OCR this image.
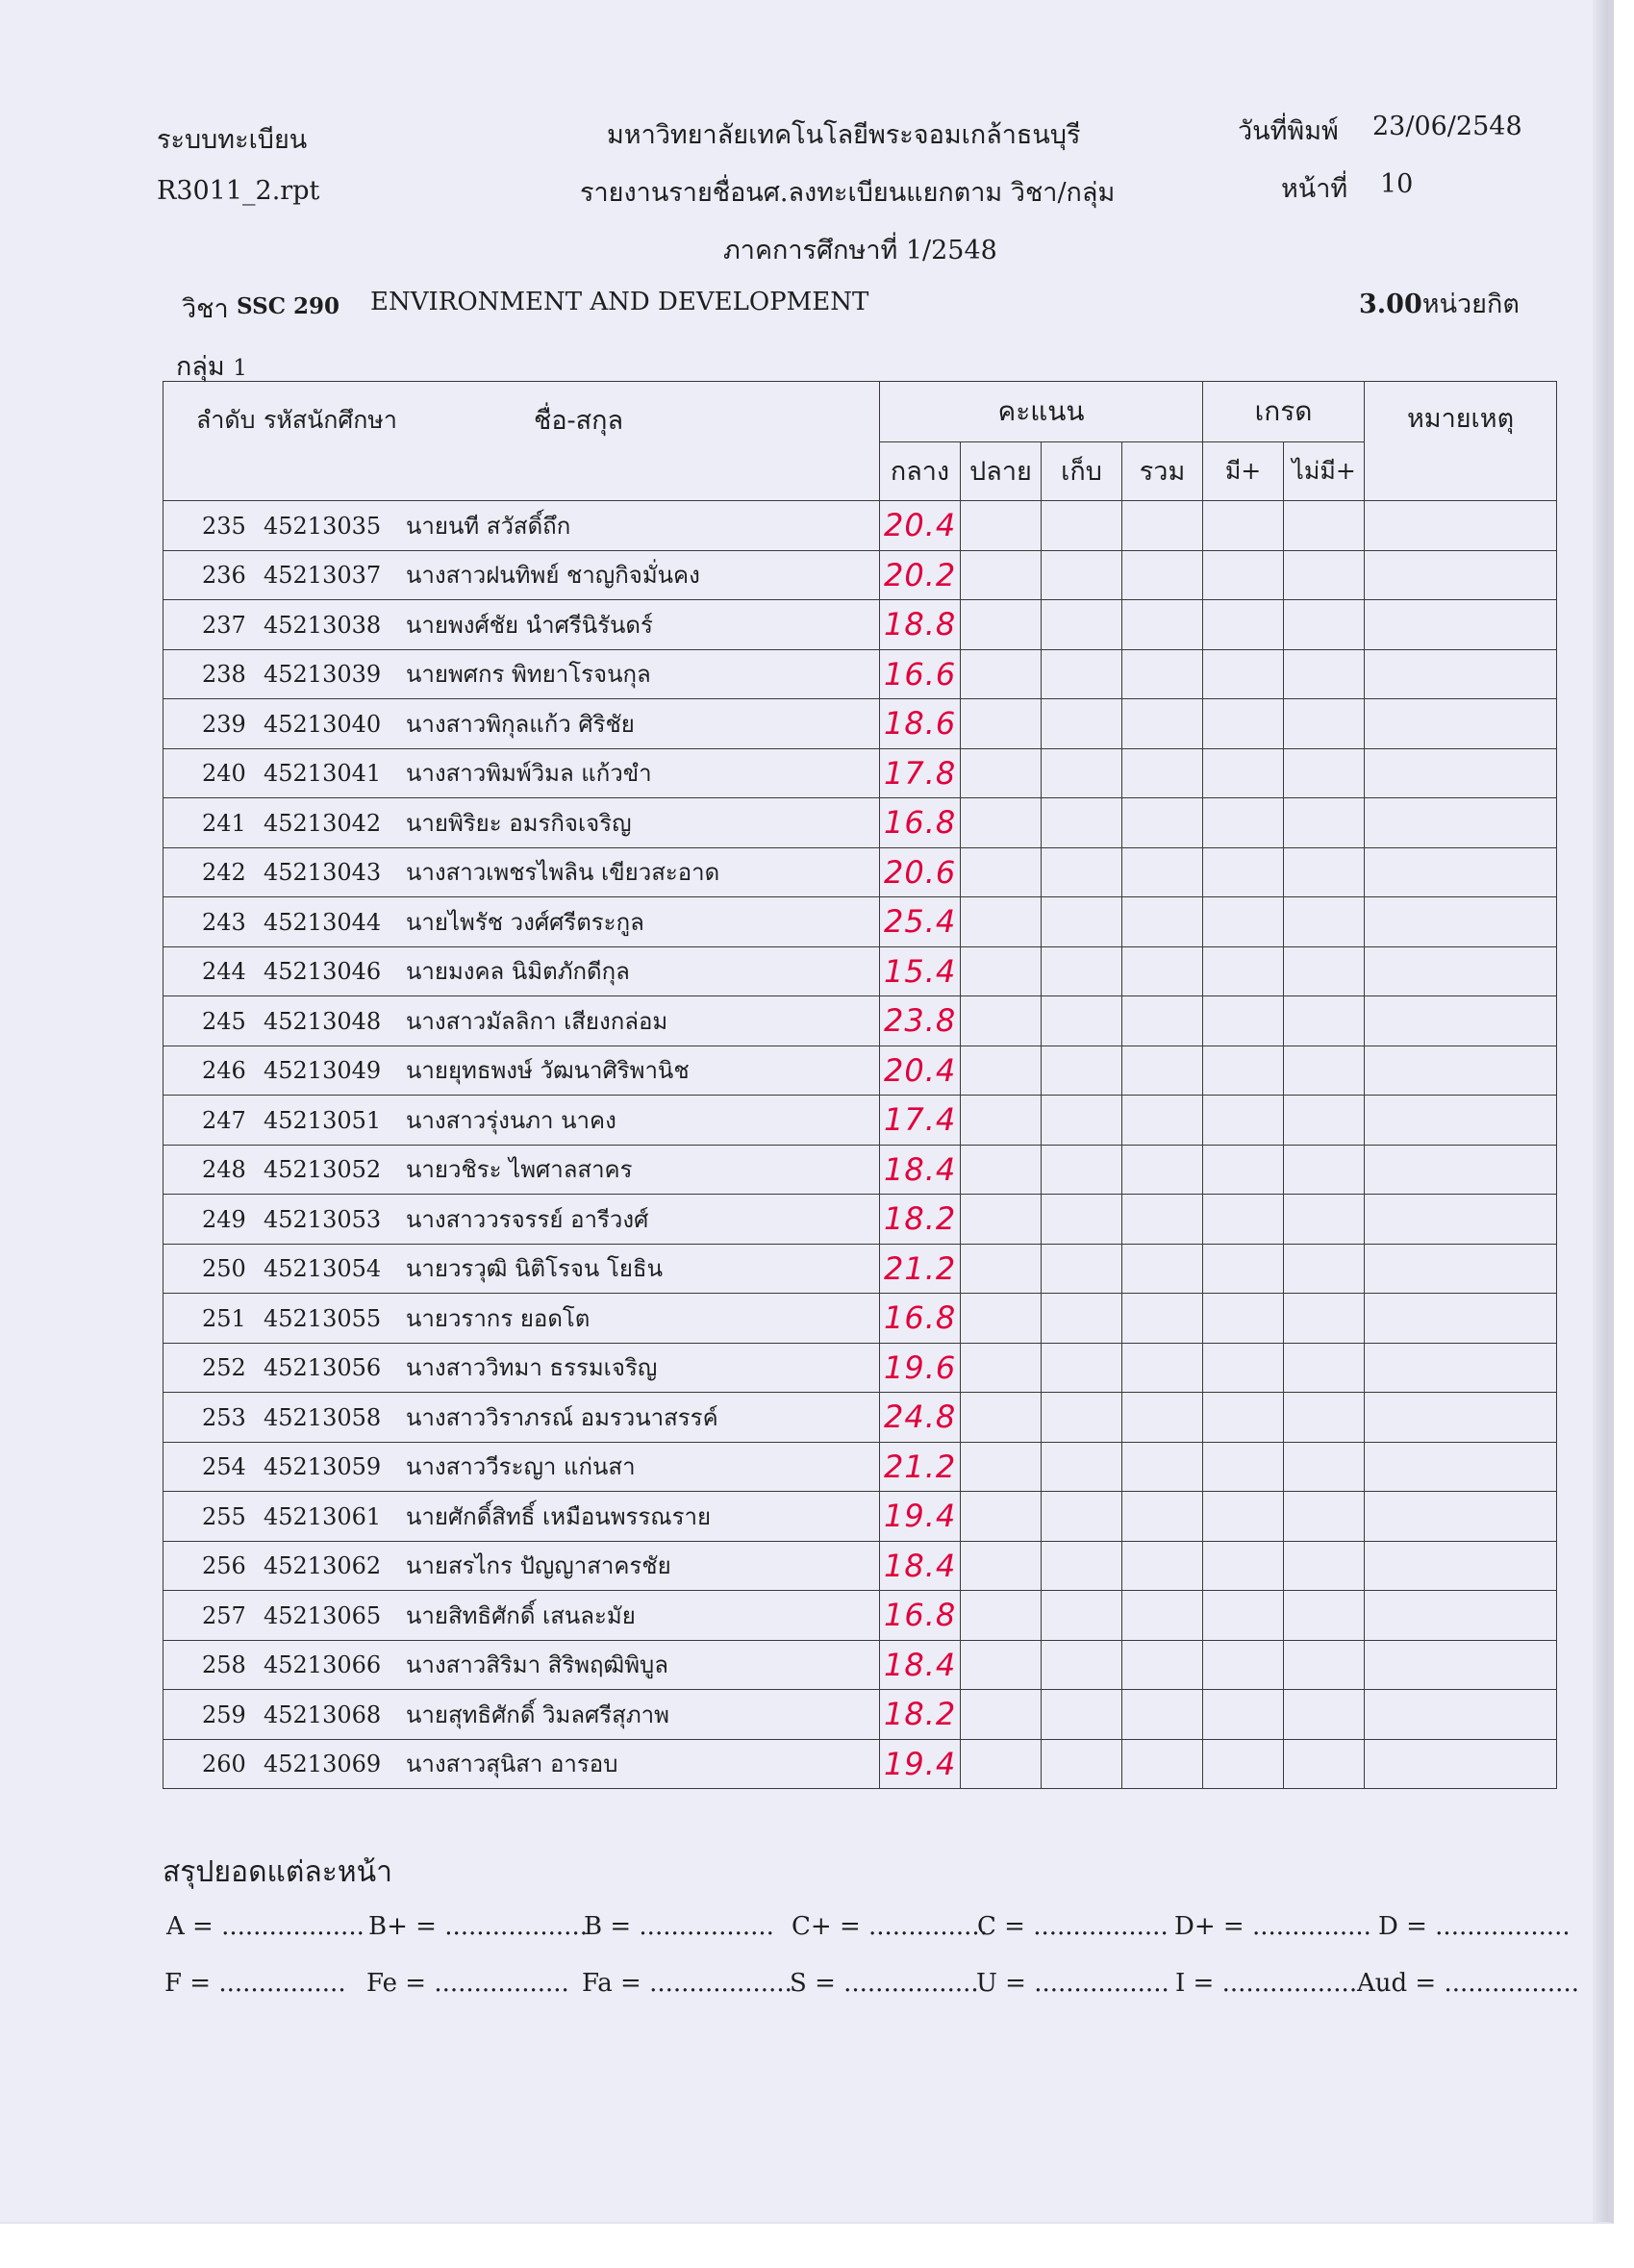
ระบบทะเบียน
R3011_2.rpt
มหาวิทยาลัยเทคโนโลยีพระจอมเกล้าธนบุรี
รายงานรายชื่อนศ.ลงทะเบียนแยกตาม วิชา/กลุ่ม
ภาคการศึกษาที่ 1/2548
วันที่พิมพ์ 23/06/2548
หน้าที่ 10
วิชา SSC 290 ENVIRONMENT AND DEVELOPMENT	3.00หน่วยกิต
กลุ่ม 1
ลำดับ รหัสนักศึกษา ชื่อ-สกุล	คะแนน				เกรด		หมายเหตุ
	กลาง	ปลาย	เก็บ	รวม	มี+	ไม่มี+	
235 45213035 นายนที สวัสดิ์ถึก	20.4						
236 45213037 นางสาวฝนทิพย์ ชาญกิจมั่นคง	20.2						
237 45213038 นายพงศ์ชัย นำศรีนิรันดร์	18.8						
238 45213039 นายพศกร พิทยาโรจนกุล	16.6						
239 45213040 นางสาวพิกุลแก้ว ศิริชัย	18.6						
240 45213041 นางสาวพิมพ์วิมล แก้วขำ	17.8						
241 45213042 นายพิริยะ อมรกิจเจริญ	16.8						
242 45213043 นางสาวเพชรไพลิน เขียวสะอาด	20.6						
243 45213044 นายไพรัช วงศ์ศรีตระกูล	25.4						
244 45213046 นายมงคล นิมิตภักดีกุล	15.4						
245 45213048 นางสาวมัลลิกา เสียงกล่อม	23.8						
246 45213049 นายยุทธพงษ์ วัฒนาศิริพานิช	20.4						
247 45213051 นางสาวรุ่งนภา นาคง	17.4						
248 45213052 นายวชิระ ไพศาลสาคร	18.4						
249 45213053 นางสาววรจรรย์ อารีวงศ์	18.2						
250 45213054 นายวรวุฒิ นิติโรจน โยธิน	21.2						
251 45213055 นายวรากร ยอดโต	16.8						
252 45213056 นางสาววิทมา ธรรมเจริญ	19.6						
253 45213058 นางสาววิราภรณ์ อมรวนาสรรค์	24.8						
254 45213059 นางสาววีระญา แก่นสา	21.2						
255 45213061 นายศักดิ์สิทธิ์ เหมือนพรรณราย	19.4						
256 45213062 นายสรไกร ปัญญาสาครชัย	18.4						
257 45213065 นายสิทธิศักดิ์ เสนละมัย	16.8						
258 45213066 นางสาวสิริมา สิริพฤฒิพิบูล	18.4						
259 45213068 นายสุทธิศักดิ์ วิมลศรีสุภาพ	18.2						
260 45213069 นางสาวสุนิสา อารอบ	19.4						
สรุปยอดแต่ละหน้า
A = .................. B+ = ..................
B = ................. C+ = ...............
C = ................. D+ = ............... D = .................
F = ................ Fe = ................. Fa = ..................
S = .................
U = ................. I = ................. Aud = .................
